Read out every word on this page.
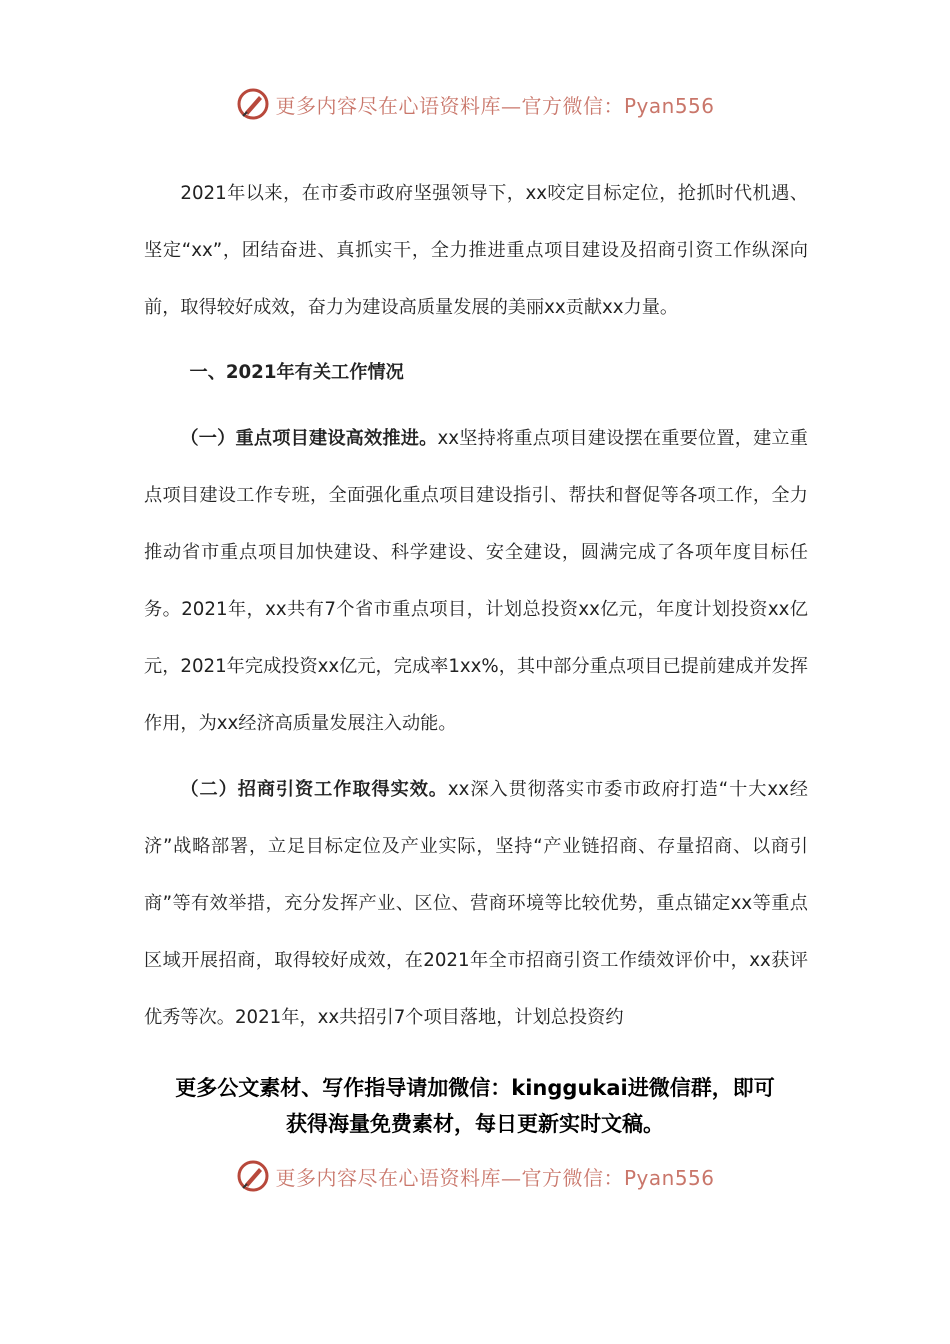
更多内容尽在心语资料库—官方微信：Pyan556

2021年以来，在市委市政府坚强领导下，xx咬定目标定位，抢抓时代机遇、坚定“xx”，团结奋进、真抓实干，全力推进重点项目建设及招商引资工作纵深向前，取得较好成效，奋力为建设高质量发展的美丽xx贡献xx力量。

一、2021年有关工作情况

（一）重点项目建设高效推进。xx坚持将重点项目建设摆在重要位置，建立重点项目建设工作专班，全面强化重点项目建设指引、帮扶和督促等各项工作，全力推动省市重点项目加快建设、科学建设、安全建设，圆满完成了各项年度目标任务。2021年，xx共有7个省市重点项目，计划总投资xx亿元，年度计划投资xx亿元，2021年完成投资xx亿元，完成率1xx%，其中部分重点项目已提前建成并发挥作用，为xx经济高质量发展注入动能。

（二）招商引资工作取得实效。xx深入贯彻落实市委市政府打造“十大xx经济”战略部署，立足目标定位及产业实际，坚持“产业链招商、存量招商、以商引商”等有效举措，充分发挥产业、区位、营商环境等比较优势，重点锚定xx等重点区域开展招商，取得较好成效，在2021年全市招商引资工作绩效评价中，xx获评优秀等次。2021年，xx共招引7个项目落地，计划总投资约

更多公文素材、写作指导请加微信：kinggukai进微信群，即可
获得海量免费素材，每日更新实时文稿。
更多内容尽在心语资料库—官方微信：Pyan556
